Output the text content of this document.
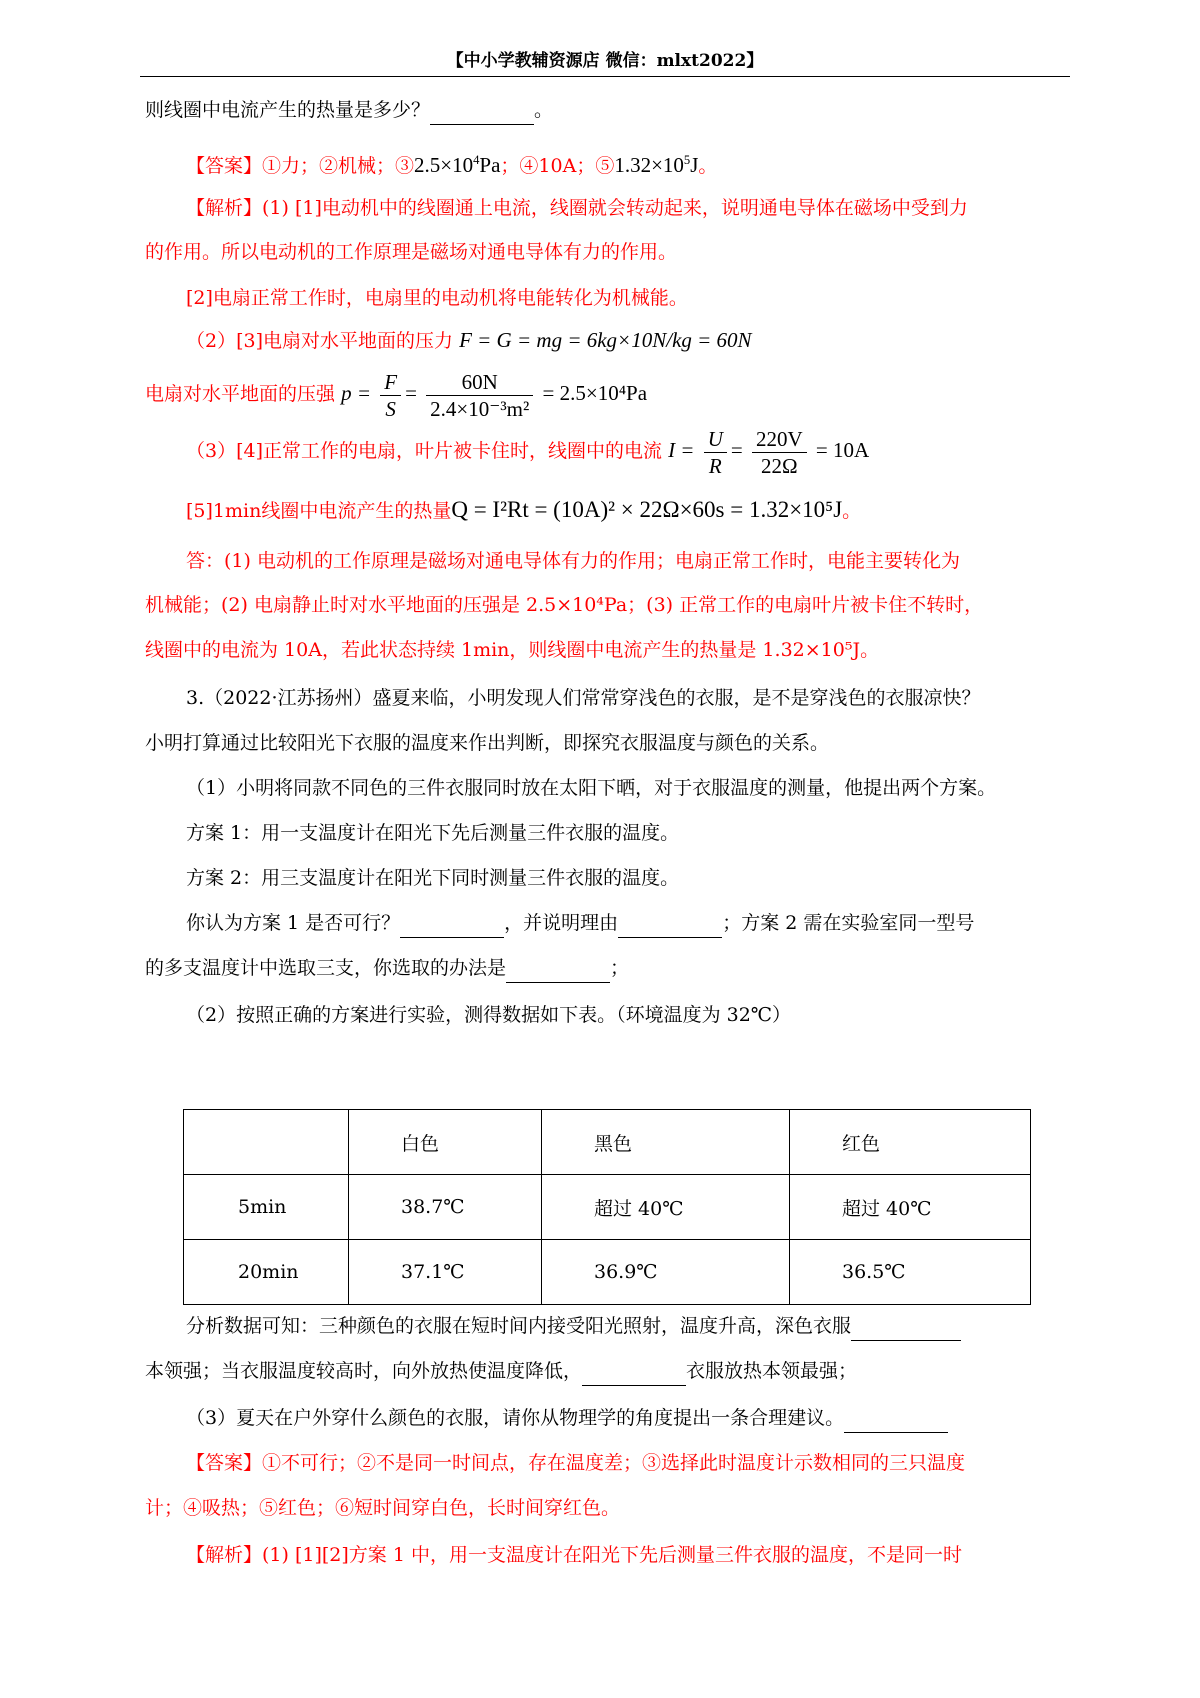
【中小学教辅资源店 微信：mlxt2022】
则线圈中电流产生的热量是多少？	。
【答案】①力；②机械；$③2.5\times 10^4Pa$；④10A；$⑤1.32\times 10^5J$。
【解析】(1) [1]电动机中的线圈通上电流，线圈就会转动起来，说明通电导体在磁场中受到力
的作用。所以电动机的工作原理是磁场对通电导体有力的作用。
[2]电扇正常工作时，电扇里的电动机将电能转化为机械能。
（2）[3]电扇对水平地面的压力 F = G = mg = 6kg×10N/kg = 60N
电扇对水平地面的压强 $p = \frac{F}{S} = \frac{60N}{\text{2.4×10⁻³m²}} = 2.5\times 10^4Pa$
（3）[4]正常工作的电扇，叶片被卡住时，线圈中的电流 $I = \frac{U}{R} = \frac{220V}{22\Omega} = 10A$
[5]1min线圈中电流产生的热量Q = I²Rt = (10A)² × 22Ω×60s = 1.32×10⁵J。
答：(1) 电动机的工作原理是磁场对通电导体有力的作用；电扇正常工作时，电能主要转化为
机械能；(2) 电扇静止时对水平地面的压强是 2.5×10⁴Pa；(3) 正常工作的电扇叶片被卡住不转时，
线圈中的电流为 10A，若此状态持续 1min，则线圈中电流产生的热量是 1.32×10⁵J。
3.（2022·江苏扬州）盛夏来临，小明发现人们常常穿浅色的衣服，是不是穿浅色的衣服凉快？
小明打算通过比较阳光下衣服的温度来作出判断，即探究衣服温度与颜色的关系。
（1）小明将同款不同色的三件衣服同时放在太阳下晒，对于衣服温度的测量，他提出两个方案。
方案 1：用一支温度计在阳光下先后测量三件衣服的温度。
方案 2：用三支温度计在阳光下同时测量三件衣服的温度。
你认为方案 1 是否可行？	，并说明理由	；方案 2 需在实验室同一型号
的多支温度计中选取三支，你选取的办法是	；
（2）按照正确的方案进行实验，测得数据如下表。（环境温度为 32℃）
	白色	黑色	红色
5min	38.7℃	超过 40℃	超过 40℃
20min	37.1℃	36.9℃	36.5℃
分析数据可知：三种颜色的衣服在短时间内接受阳光照射，温度升高，深色衣服
本领强；当衣服温度较高时，向外放热使温度降低，	衣服放热本领最强；
（3）夏天在户外穿什么颜色的衣服，请你从物理学的角度提出一条合理建议。
【答案】①不可行；②不是同一时间点，存在温度差；③选择此时温度计示数相同的三只温度
计；④吸热；⑤红色；⑥短时间穿白色，长时间穿红色。
【解析】(1) [1][2]方案 1 中，用一支温度计在阳光下先后测量三件衣服的温度，不是同一时
